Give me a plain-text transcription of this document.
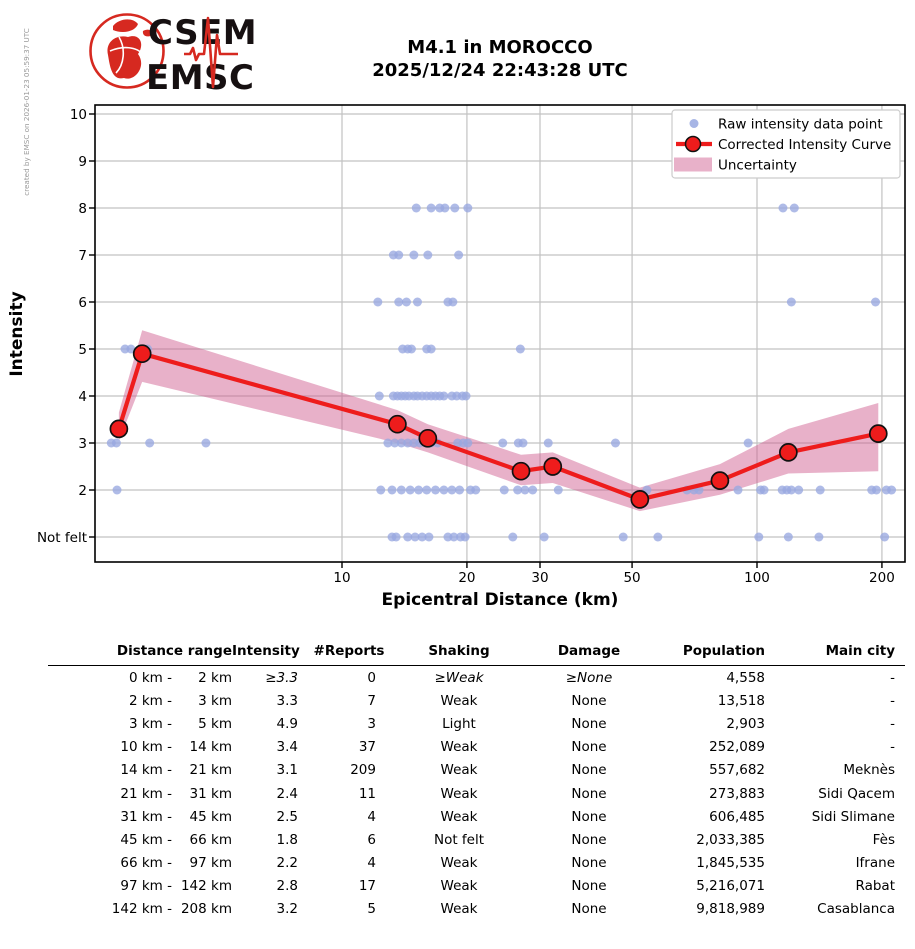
CSEM
EMSC
M4.1 in MOROCCO
2025/12/24 22:43:28 UTC
10	20	30	50	100	200
10
9
8
7
6
5
4
3
2
Not felt
Epicentral Distance (km)
Intensity
created by EMSC on 2026-01-23 05:59:37 UTC	Raw intensity data point
Corrected Intensity Curve
Uncertainty
Distance range	Intensity	#Reports	Shaking	Damage	Population	Main city
0 km - 2 km	≥3.3	0	≥Weak	≥None	4,558	-
2 km - 3 km	3.3	7	Weak	None	13,518	-
3 km - 5 km	4.9	3	Light	None	2,903	-
10 km - 14 km	3.4	37	Weak	None	252,089	-
14 km - 21 km	3.1	209	Weak	None	557,682	Meknès
21 km - 31 km	2.4	11	Weak	None	273,883	Sidi Qacem
31 km - 45 km	2.5	4	Weak	None	606,485	Sidi Slimane
45 km - 66 km	1.8	6	Not felt	None	2,033,385	Fès
66 km - 97 km	2.2	4	Weak	None	1,845,535	Ifrane
97 km - 142 km	2.8	17	Weak	None	5,216,071	Rabat
142 km - 208 km	3.2	5	Weak	None	9,818,989	Casablanca
